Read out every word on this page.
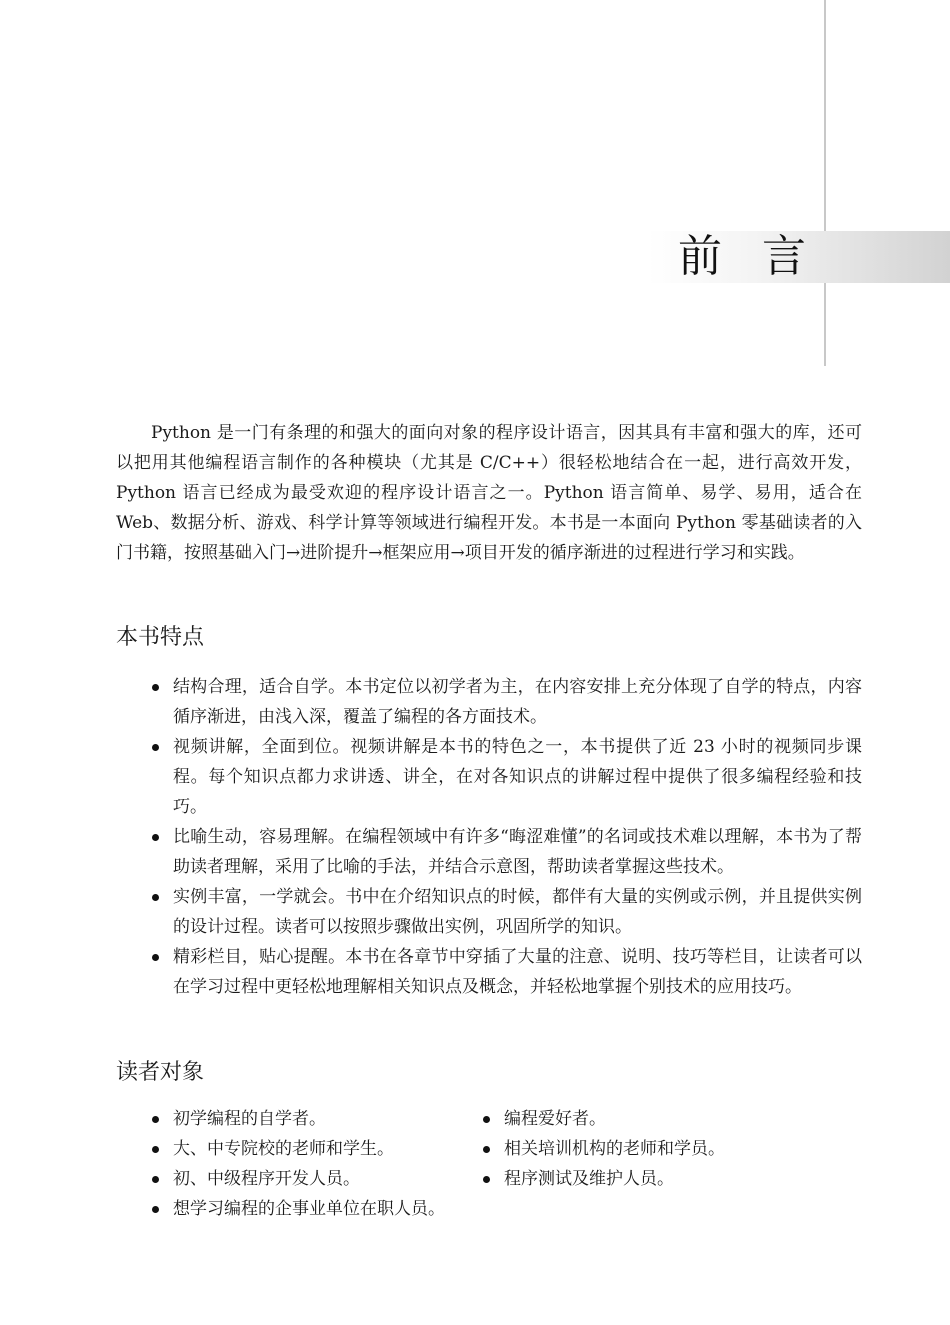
前言

Python 是一门有条理的和强大的面向对象的程序设计语言，因其具有丰富和强大的库，还可以把用其他编程语言制作的各种模块（尤其是 C/C++）很轻松地结合在一起，进行高效开发，Python 语言已经成为最受欢迎的程序设计语言之一。Python 语言简单、易学、易用，适合在 Web、数据分析、游戏、科学计算等领域进行编程开发。本书是一本面向 Python 零基础读者的入门书籍，按照基础入门→进阶提升→框架应用→项目开发的循序渐进的过程进行学习和实践。

本书特点
结构合理，适合自学。本书定位以初学者为主，在内容安排上充分体现了自学的特点，内容循序渐进，由浅入深，覆盖了编程的各方面技术。
视频讲解，全面到位。视频讲解是本书的特色之一，本书提供了近 23 小时的视频同步课程。每个知识点都力求讲透、讲全，在对各知识点的讲解过程中提供了很多编程经验和技巧。
比喻生动，容易理解。在编程领域中有许多“晦涩难懂”的名词或技术难以理解，本书为了帮助读者理解，采用了比喻的手法，并结合示意图，帮助读者掌握这些技术。
实例丰富，一学就会。书中在介绍知识点的时候，都伴有大量的实例或示例，并且提供实例的设计过程。读者可以按照步骤做出实例，巩固所学的知识。
精彩栏目，贴心提醒。本书在各章节中穿插了大量的注意、说明、技巧等栏目，让读者可以在学习过程中更轻松地理解相关知识点及概念，并轻松地掌握个别技术的应用技巧。
读者对象
初学编程的自学者。
大、中专院校的老师和学生。
初、中级程序开发人员。
想学习编程的企事业单位在职人员。
编程爱好者。
相关培训机构的老师和学员。
程序测试及维护人员。
